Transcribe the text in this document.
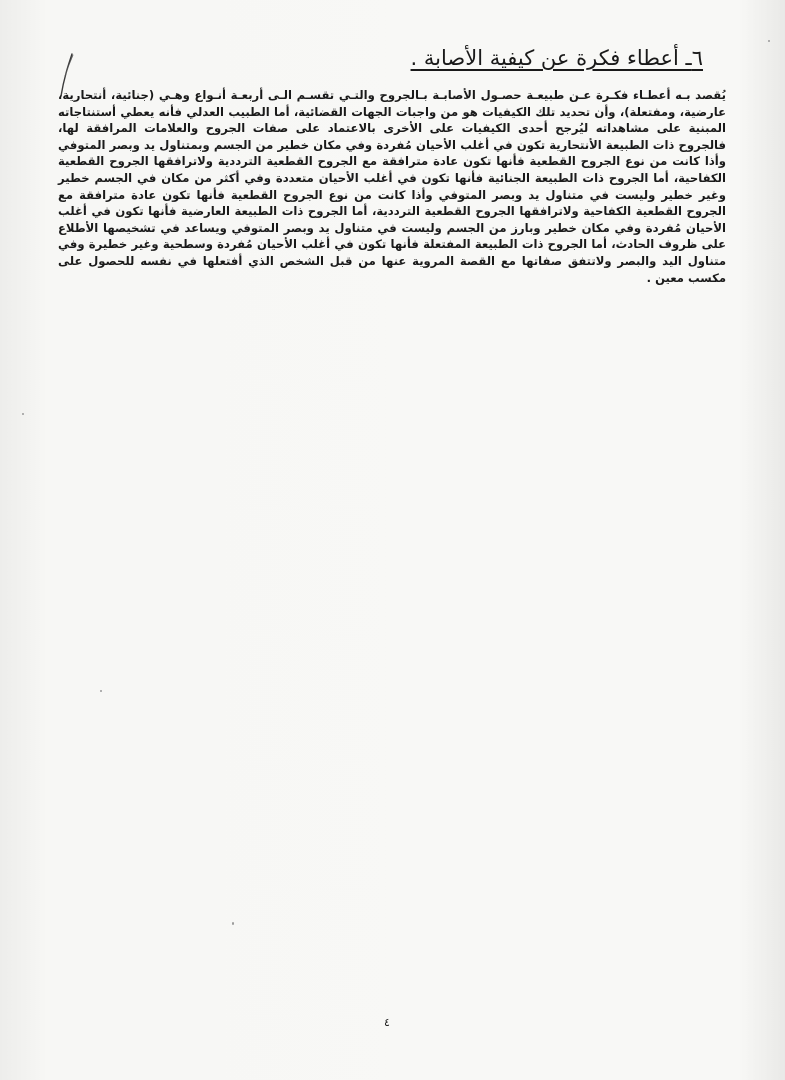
٦ـ أعطاء فكرة عن كيفية الأصابة .

يُقصد بـه أعطـاء فكـرة عـن طبيعـة حصـول الأصابـة بـالجروح والتـي تقسـم الـى أربعـة أنـواع وهـي (جنائية، أنتحارية، عارضية، ومفتعلة)، وأن تحديد تلك الكيفيات هو من واجبات الجهات القضائية، أما الطبيب العدلي فأنه يعطي أستنتاجاته المبنية على مشاهداته ليُرجح أحدى الكيفيات على الأخرى بالاعتماد على صفات الجروح والعلامات المرافقة لها، فالجروح ذات الطبيعة الأنتحارية تكون في أغلب الأحيان مُفردة وفي مكان خطير من الجسم وبمتناول يد وبصر المتوفي وأذا كانت من نوع الجروح القطعية فأنها تكون عادة مترافقة مع الجروح القطعية الترددية ولاترافقها الجروح القطعية الكفاحية، أما الجروح ذات الطبيعة الجنائية فأنها تكون في أغلب الأحيان متعددة وفي أكثر من مكان في الجسم خطير وغير خطير وليست في متناول يد وبصر المتوفي وأذا كانت من نوع الجروح القطعية فأنها تكون عادة مترافقة مع الجروح القطعية الكفاحية ولاترافقها الجروح القطعية الترددية، أما الجروح ذات الطبيعة العارضية فأنها تكون في أغلب الأحيان مُفردة وفي مكان خطير وبارز من الجسم وليست في متناول يد وبصر المتوفي ويساعد في تشخيصها الأطلاع على ظروف الحادث، أما الجروح ذات الطبيعة المفتعلة فأنها تكون في أغلب الأحيان مُفردة وسطحية وغير خطيرة وفي متناول اليد والبصر ولاتتفق صفاتها مع القصة المروية عنها من قبل الشخص الذي أفتعلها في نفسه للحصول على مكسب معين .

٤
